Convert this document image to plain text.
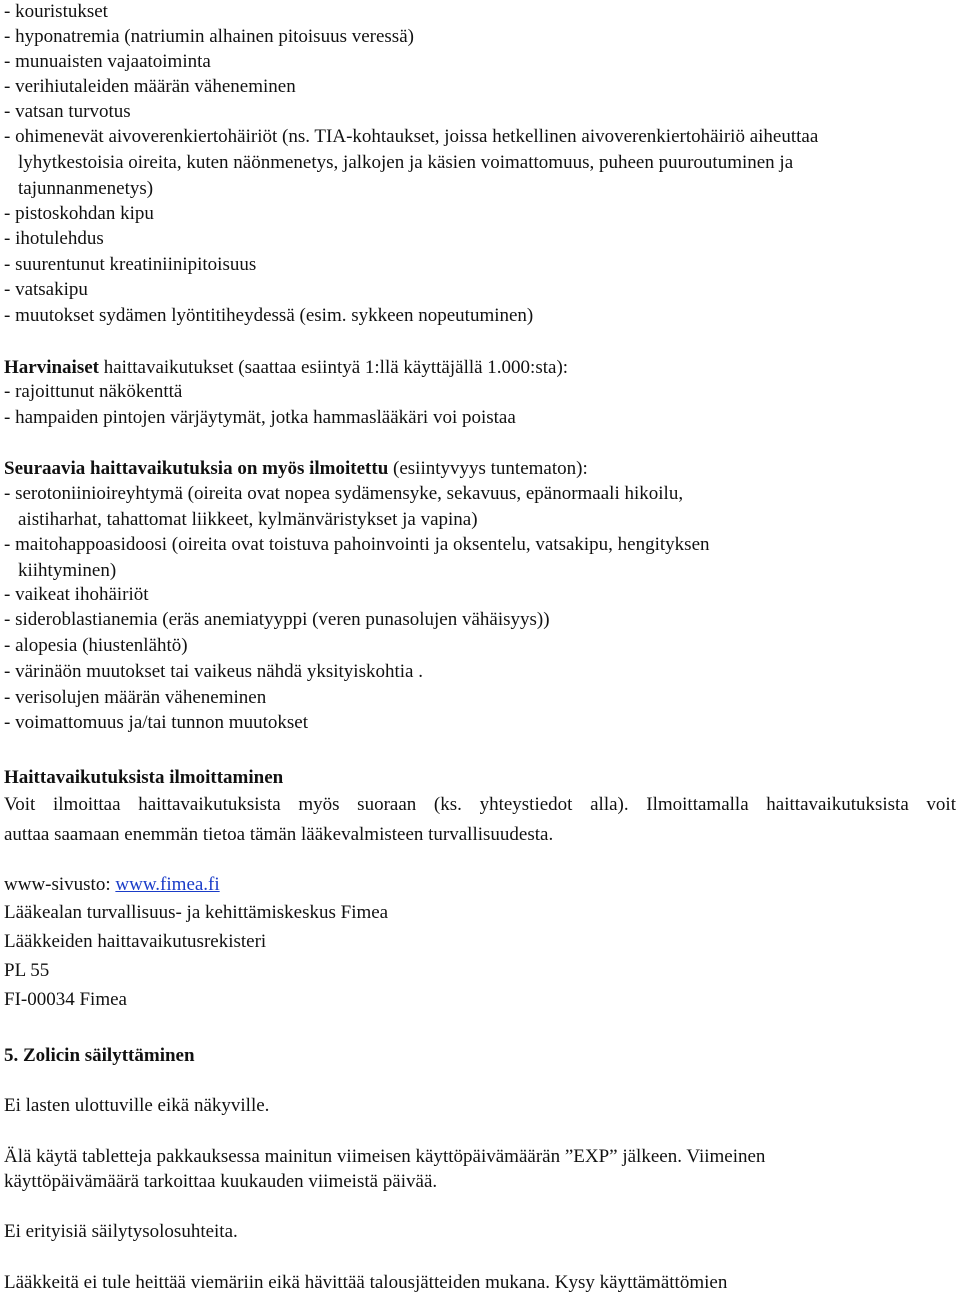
- kouristukset
- hyponatremia (natriumin alhainen pitoisuus veressä)
- munuaisten vajaatoiminta
- verihiutaleiden määrän väheneminen
- vatsan turvotus
- ohimenevät aivoverenkiertohäiriöt (ns. TIA-kohtaukset, joissa hetkellinen aivoverenkiertohäiriö aiheuttaa
lyhytkestoisia oireita, kuten näönmenetys, jalkojen ja käsien voimattomuus, puheen puuroutuminen ja
tajunnanmenetys)
- pistoskohdan kipu
- ihotulehdus
- suurentunut kreatiniinipitoisuus
- vatsakipu
- muutokset sydämen lyöntitiheydessä (esim. sykkeen nopeutuminen)
Harvinaiset haittavaikutukset (saattaa esiintyä 1:llä käyttäjällä 1.000:sta):
- rajoittunut näkökenttä
- hampaiden pintojen värjäytymät, jotka hammaslääkäri voi poistaa
Seuraavia haittavaikutuksia on myös ilmoitettu (esiintyvyys tuntematon):
- serotoniinioireyhtymä (oireita ovat nopea sydämensyke, sekavuus, epänormaali hikoilu,
aistiharhat, tahattomat liikkeet, kylmänväristykset ja vapina)
- maitohappoasidoosi (oireita ovat toistuva pahoinvointi ja oksentelu, vatsakipu, hengityksen
kiihtyminen)
- vaikeat ihohäiriöt
- sideroblastianemia (eräs anemiatyyppi (veren punasolujen vähäisyys))
- alopesia (hiustenlähtö)
- värinäön muutokset tai vaikeus nähdä yksityiskohtia .
- verisolujen määrän väheneminen
- voimattomuus ja/tai tunnon muutokset
Haittavaikutuksista ilmoittaminen
Voit ilmoittaa haittavaikutuksista myös suoraan (ks. yhteystiedot alla). Ilmoittamalla haittavaikutuksista voit
auttaa saamaan enemmän tietoa tämän lääkevalmisteen turvallisuudesta.
www-sivusto: www.fimea.fi
Lääkealan turvallisuus- ja kehittämiskeskus Fimea
Lääkkeiden haittavaikutusrekisteri
PL 55
FI-00034 Fimea
5. Zolicin säilyttäminen
Ei lasten ulottuville eikä näkyville.
Älä käytä tabletteja pakkauksessa mainitun viimeisen käyttöpäivämäärän ”EXP” jälkeen. Viimeinen
käyttöpäivämäärä tarkoittaa kuukauden viimeistä päivää.
Ei erityisiä säilytysolosuhteita.
Lääkkeitä ei tule heittää viemäriin eikä hävittää talousjätteiden mukana. Kysy käyttämättömien
